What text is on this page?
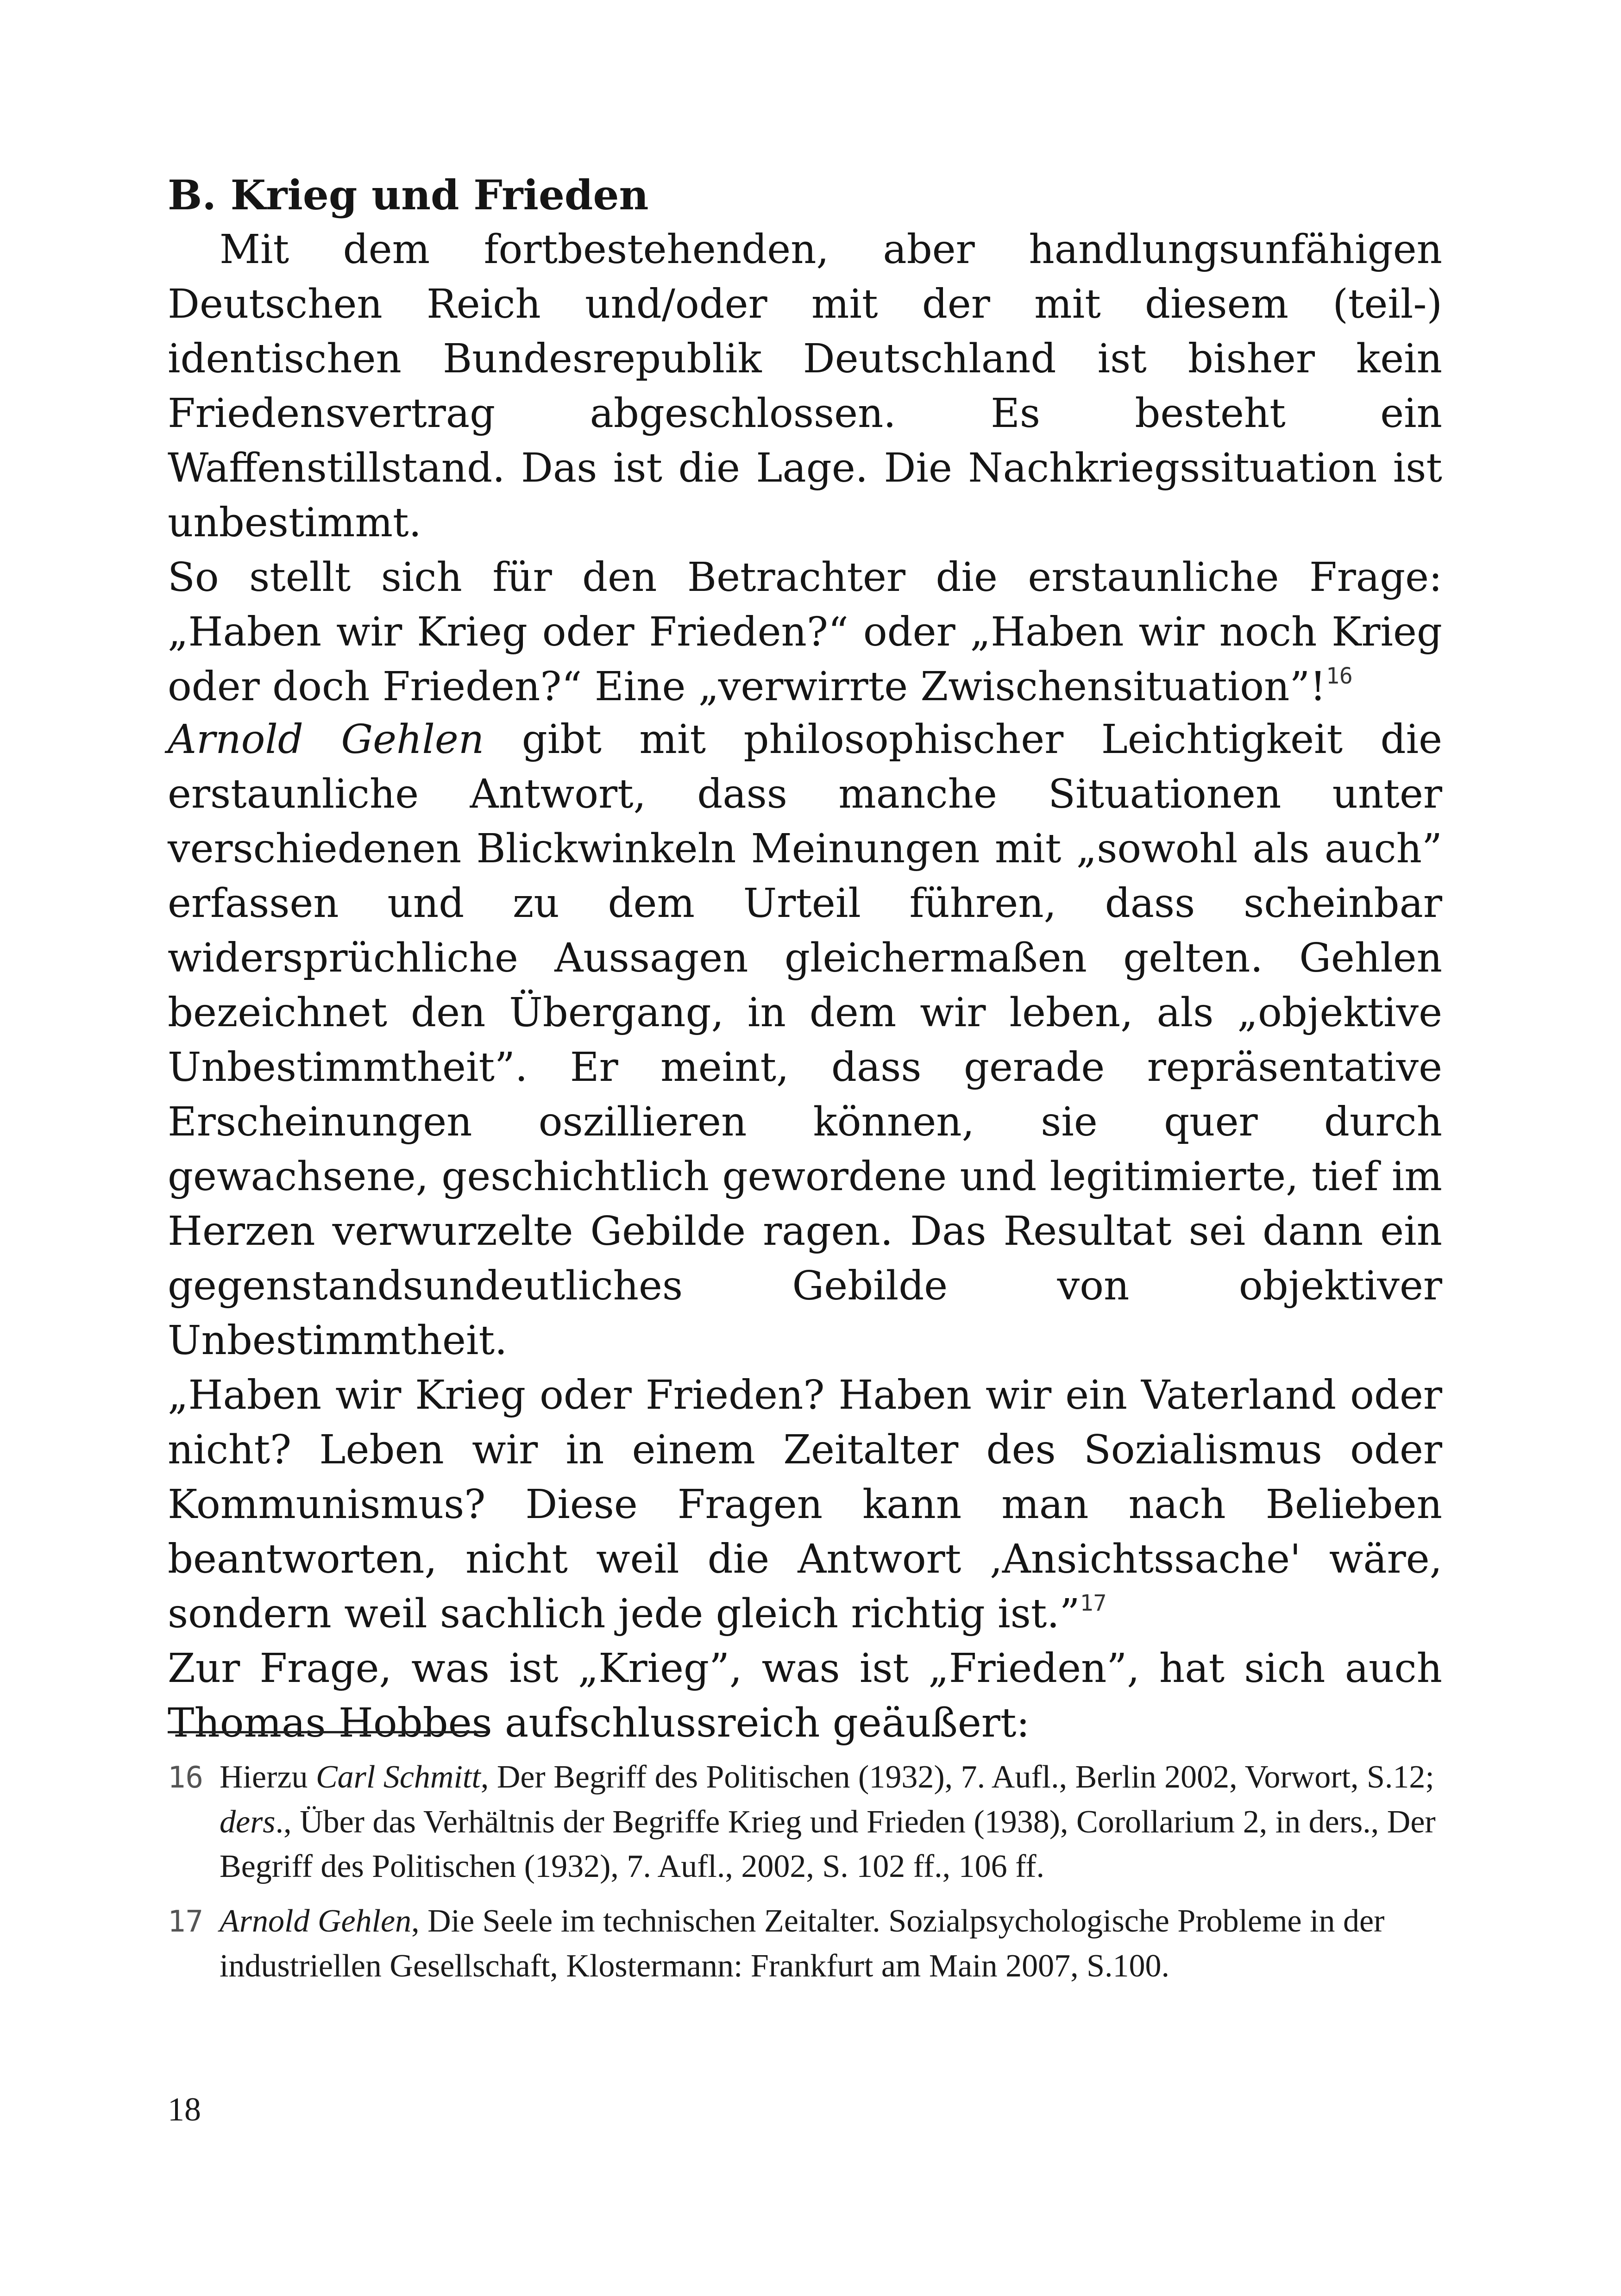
B. Krieg und Frieden

Mit dem fortbestehenden, aber handlungsunfähigen Deutschen Reich und/oder mit der mit diesem (teil-) identischen Bundesrepublik Deutschland ist bisher kein Friedensvertrag abgeschlossen. Es besteht ein Waffenstillstand. Das ist die Lage. Die Nachkriegssituation ist unbestimmt.

So stellt sich für den Betrachter die erstaunliche Frage: „Haben wir Krieg oder Frieden?“ oder „Haben wir noch Krieg oder doch Frieden?“ Eine „verwirrte Zwischensituation”!$^{16}$

Arnold Gehlen gibt mit philosophischer Leichtigkeit die erstaunliche Antwort, dass manche Situationen unter verschiedenen Blickwinkeln Meinungen mit „sowohl als auch” erfassen und zu dem Urteil führen, dass scheinbar widersprüchliche Aussagen gleichermaßen gelten. Gehlen bezeichnet den Übergang, in dem wir leben, als „objektive Unbestimmtheit”. Er meint, dass gerade repräsentative Erscheinungen oszillieren können, sie quer durch gewachsene, geschichtlich gewordene und legitimierte, tief im Herzen verwurzelte Gebilde ragen. Das Resultat sei dann ein gegenstandsundeutliches Gebilde von objektiver Unbestimmtheit.

„Haben wir Krieg oder Frieden? Haben wir ein Vaterland oder nicht? Leben wir in einem Zeitalter des Sozialismus oder Kommunismus? Diese Fragen kann man nach Belieben beantworten, nicht weil die Antwort ‚Ansichtssache' wäre, sondern weil sachlich jede gleich richtig ist.”$^{17}$

Zur Frage, was ist „Krieg”, was ist „Frieden”, hat sich auch Thomas Hobbes aufschlussreich geäußert:

16 Hierzu Carl Schmitt, Der Begriff des Politischen (1932), 7. Aufl., Berlin 2002, Vorwort, S.12; ders., Über das Verhältnis der Begriffe Krieg und Frieden (1938), Corollarium 2, in ders., Der Begriff des Politischen (1932), 7. Aufl., 2002, S. 102 ff., 106 ff.

17 Arnold Gehlen, Die Seele im technischen Zeitalter. Sozialpsychologische Probleme in der industriellen Gesellschaft, Klostermann: Frankfurt am Main 2007, S.100.

18
